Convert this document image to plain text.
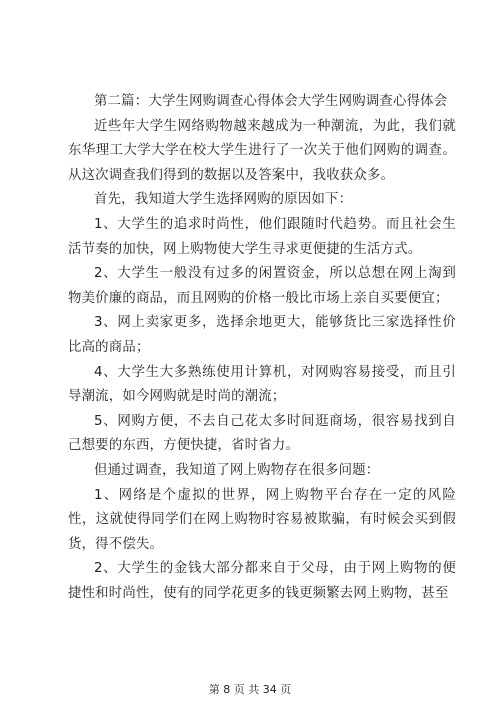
第二篇：大学生网购调查心得体会大学生网购调查心得体会

近些年大学生网络购物越来越成为一种潮流，为此，我们就东华理工大学大学在校大学生进行了一次关于他们网购的调查。从这次调查我们得到的数据以及答案中，我收获众多。

首先，我知道大学生选择网购的原因如下：

1、大学生的追求时尚性，他们跟随时代趋势。而且社会生活节奏的加快，网上购物使大学生寻求更便捷的生活方式。

2、大学生一般没有过多的闲置资金，所以总想在网上淘到物美价廉的商品，而且网购的价格一般比市场上亲自买要便宜；

3、网上卖家更多，选择余地更大，能够货比三家选择性价比高的商品；

4、大学生大多熟练使用计算机，对网购容易接受，而且引导潮流，如今网购就是时尚的潮流；

5、网购方便，不去自己花太多时间逛商场，很容易找到自己想要的东西，方便快捷，省时省力。

但通过调查，我知道了网上购物存在很多问题：

1、网络是个虚拟的世界，网上购物平台存在一定的风险性，这就使得同学们在网上购物时容易被欺骗，有时候会买到假货，得不偿失。

2、大学生的金钱大部分都来自于父母，由于网上购物的便捷性和时尚性，使有的同学花更多的钱更频繁去网上购物，甚至

第 8 页 共 34 页
